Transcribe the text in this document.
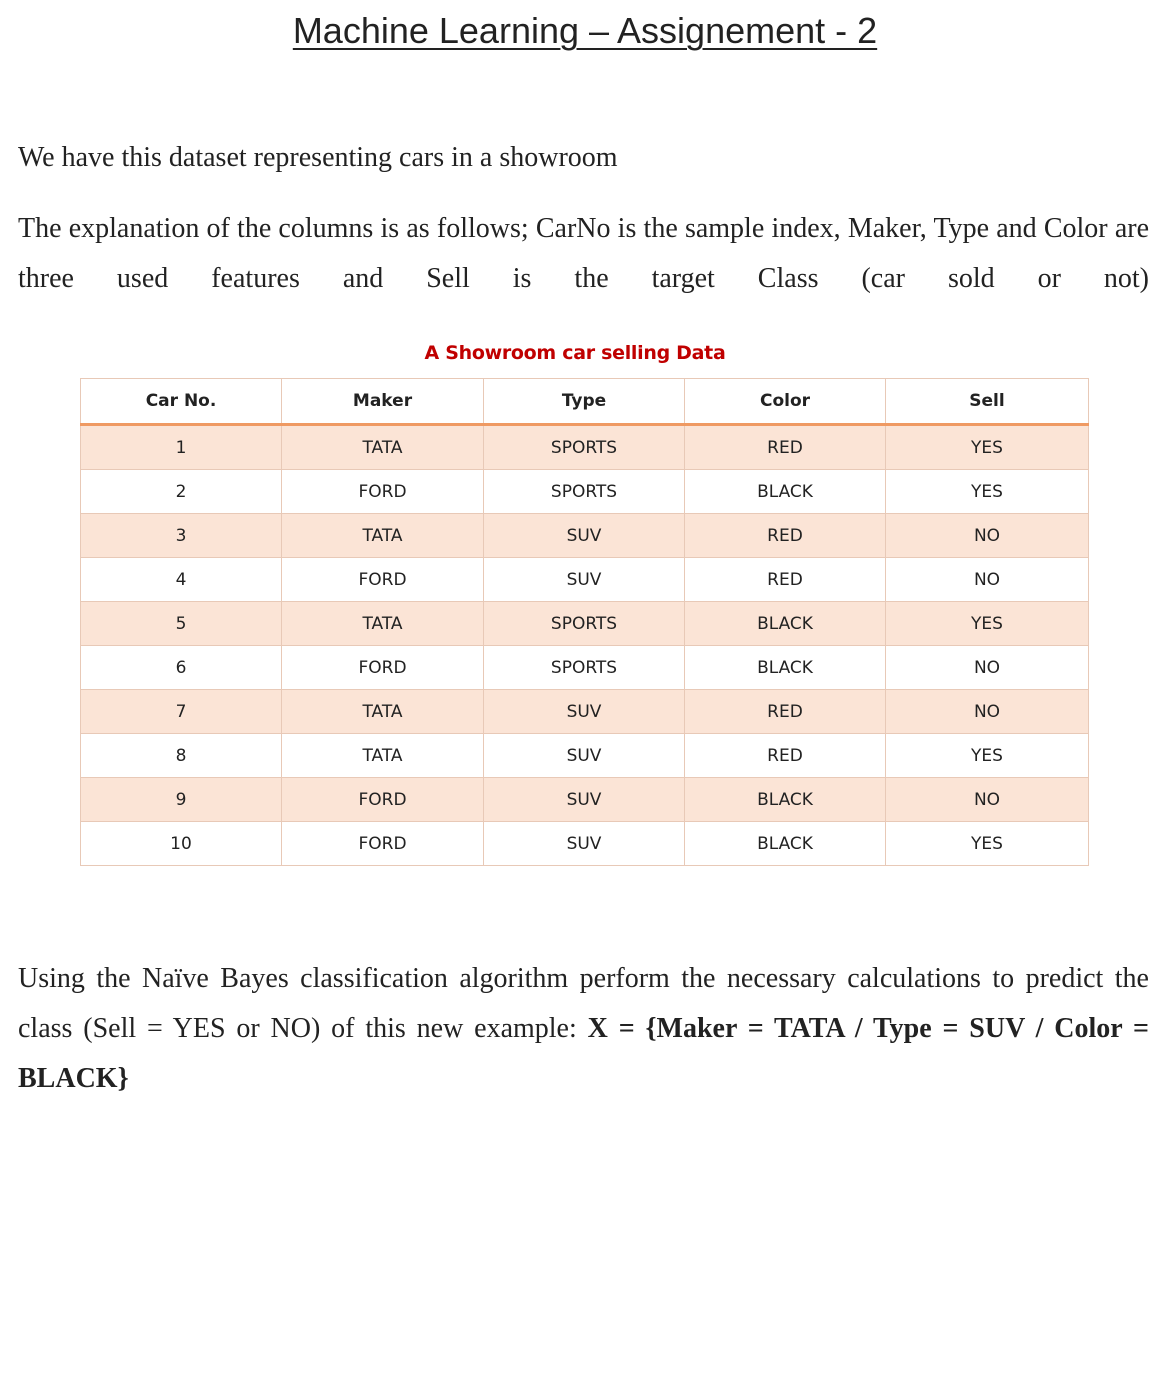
Machine Learning – Assignement - 2
We have this dataset representing cars in a showroom
The explanation of the columns is as follows; CarNo is the sample index, Maker, Type and Color are three used features and Sell is the target Class (car sold or not)
A Showroom car selling Data
Car No.	Maker	Type	Color	Sell
1	TATA	SPORTS	RED	YES
2	FORD	SPORTS	BLACK	YES
3	TATA	SUV	RED	NO
4	FORD	SUV	RED	NO
5	TATA	SPORTS	BLACK	YES
6	FORD	SPORTS	BLACK	NO
7	TATA	SUV	RED	NO
8	TATA	SUV	RED	YES
9	FORD	SUV	BLACK	NO
10	FORD	SUV	BLACK	YES
Using the Naïve Bayes classification algorithm perform the necessary calculations to predict the class (Sell = YES or NO) of this new example: X = {Maker = TATA / Type = SUV / Color = BLACK}
